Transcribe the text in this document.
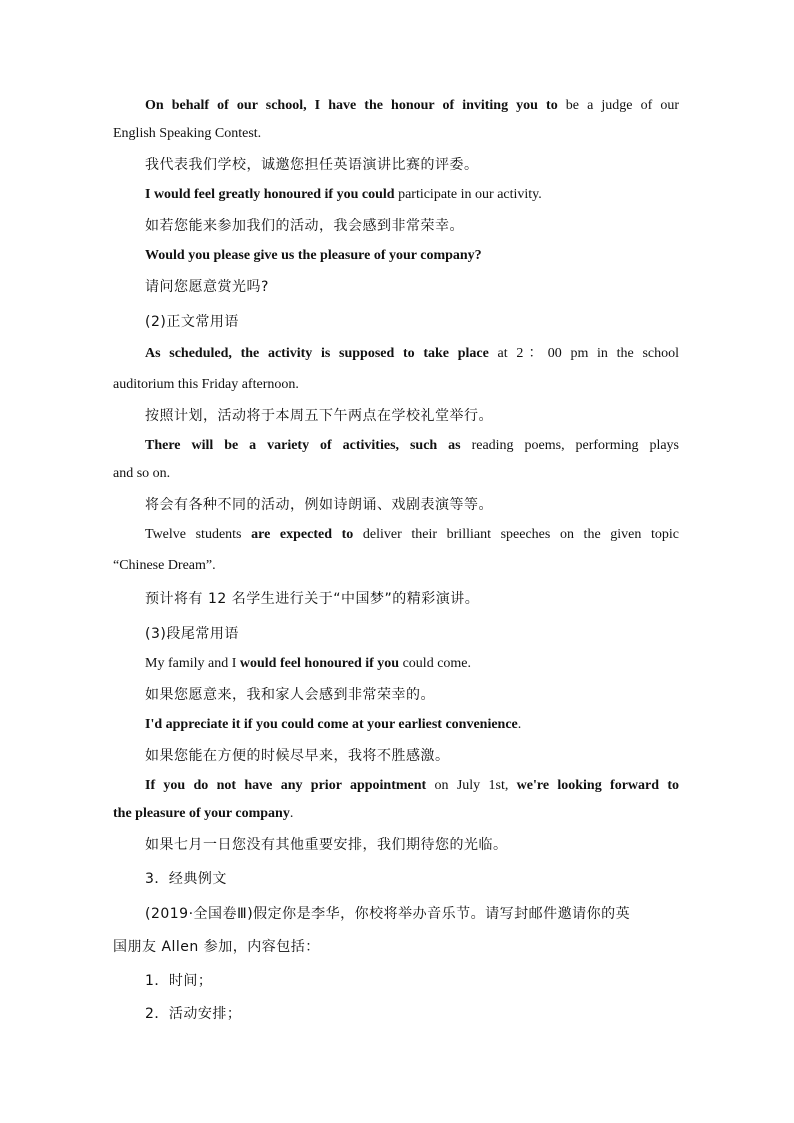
On behalf of our school, I have the honour of inviting you to be a judge of our
English Speaking Contest.
我代表我们学校，诚邀您担任英语演讲比赛的评委。
I would feel greatly honoured if you could participate in our activity.
如若您能来参加我们的活动，我会感到非常荣幸。
Would you please give us the pleasure of your company?
请问您愿意赏光吗?
(2)正文常用语
As scheduled, the activity is supposed to take place at 2：00 pm in the school
auditorium this Friday afternoon.
按照计划，活动将于本周五下午两点在学校礼堂举行。
There will be a variety of activities, such as reading poems, performing plays
and so on.
将会有各种不同的活动，例如诗朗诵、戏剧表演等等。
Twelve students are expected to deliver their brilliant speeches on the given topic
“Chinese Dream”.
预计将有 12 名学生进行关于“中国梦”的精彩演讲。
(3)段尾常用语
My family and I would feel honoured if you could come.
如果您愿意来，我和家人会感到非常荣幸的。
I'd appreciate it if you could come at your earliest convenience.
如果您能在方便的时候尽早来，我将不胜感激。
If you do not have any prior appointment on July 1st, we're looking forward to
the pleasure of your company.
如果七月一日您没有其他重要安排，我们期待您的光临。
3．经典例文
(2019·全国卷Ⅲ)假定你是李华，你校将举办音乐节。请写封邮件邀请你的英
国朋友 Allen 参加，内容包括：
1．时间；
2．活动安排；
